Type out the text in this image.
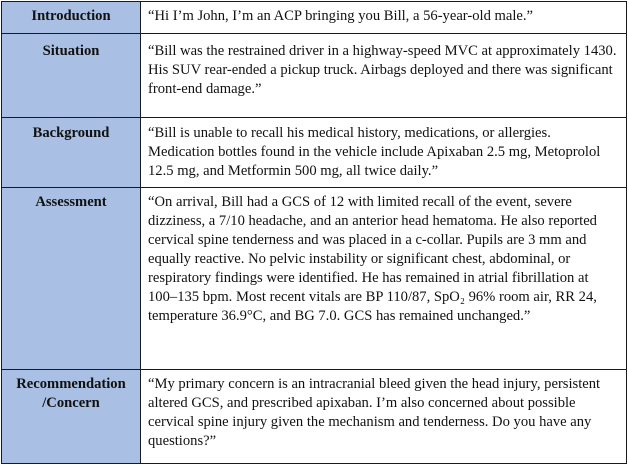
Introduction	“Hi I’m John, I’m an ACP bringing you Bill, a 56-year-old male.”
Situation	“Bill was the restrained driver in a highway-speed MVC at approximately 1430. His SUV rear-ended a pickup truck. Airbags deployed and there was significant front-end damage.”
Background	“Bill is unable to recall his medical history, medications, or allergies. Medication bottles found in the vehicle include Apixaban 2.5 mg, Metoprolol 12.5 mg, and Metformin 500 mg, all twice daily.”
Assessment	“On arrival, Bill had a GCS of 12 with limited recall of the event, severe dizziness, a 7/10 headache, and an anterior head hematoma. He also reported cervical spine tenderness and was placed in a c-collar. Pupils are 3 mm and equally reactive. No pelvic instability or significant chest, abdominal, or respiratory findings were identified. He has remained in atrial fibrillation at 100–135 bpm. Most recent vitals are BP 110/87, SpO₂ 96% room air, RR 24, temperature 36.9°C, and BG 7.0. GCS has remained unchanged.”

Recommendation
/Concern	“My primary concern is an intracranial bleed given the head injury, persistent altered GCS, and prescribed apixaban. I’m also concerned about possible cervical spine injury given the mechanism and tenderness. Do you have any questions?”
